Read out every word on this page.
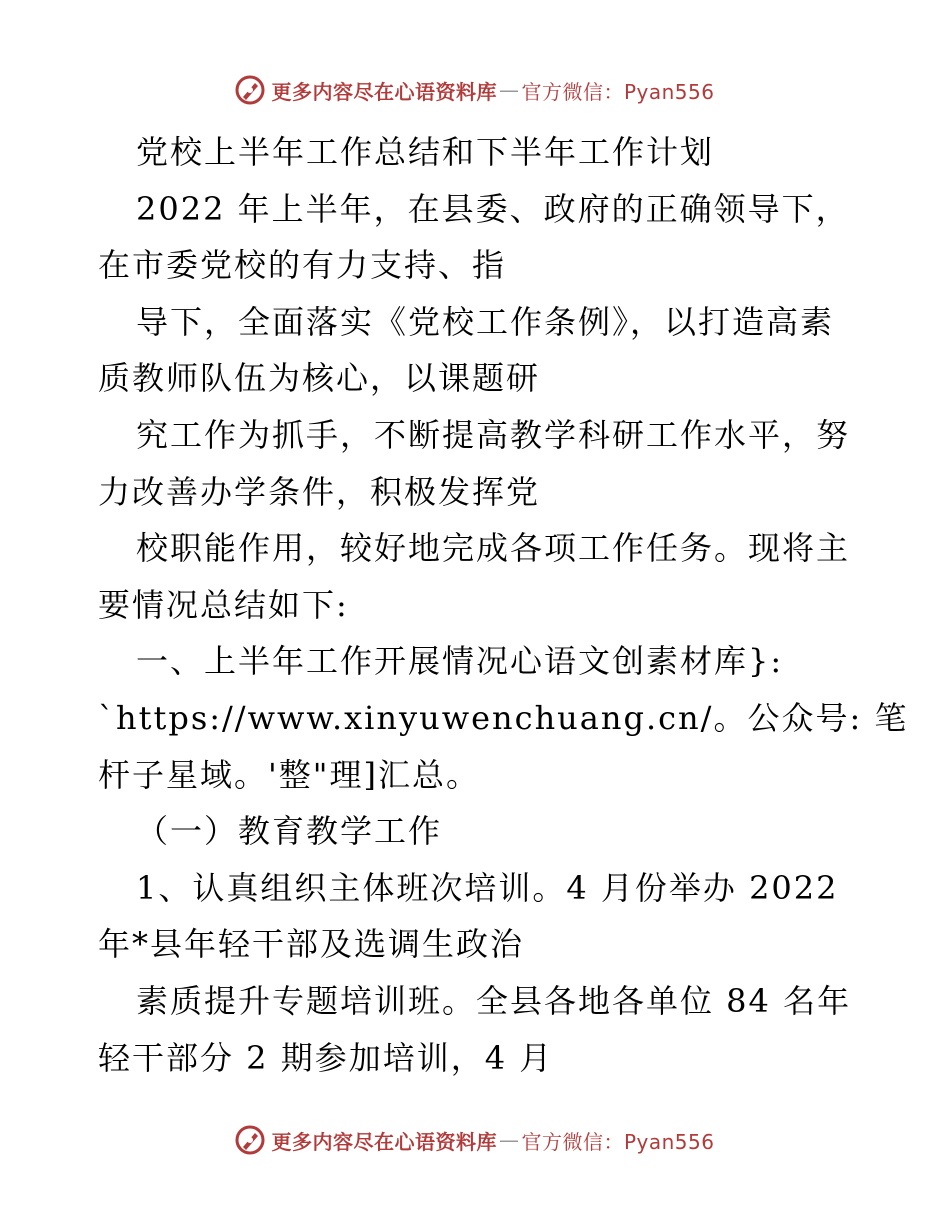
更多内容尽在心语资料库 — 官方微信：Pyan556
党校上半年工作总结和下半年工作计划
2022 年上半年，在县委、政府的正确领导下，
在市委党校的有力支持、指
导下，全面落实《党校工作条例》，以打造高素
质教师队伍为核心，以课题研
究工作为抓手，不断提高教学科研工作水平，努
力改善办学条件，积极发挥党
校职能作用，较好地完成各项工作任务。现将主
要情况总结如下:
一、上半年工作开展情况心语文创素材库}:
`https://www.xinyuwenchuang.cn/。公众号: 笔
杆子星域。'整"理]汇总。
（一）教育教学工作
1、认真组织主体班次培训。4 月份举办 2022
年*县年轻干部及选调生政治
素质提升专题培训班。全县各地各单位 84 名年
轻干部分 2 期参加培训，4 月
更多内容尽在心语资料库 — 官方微信：Pyan556
